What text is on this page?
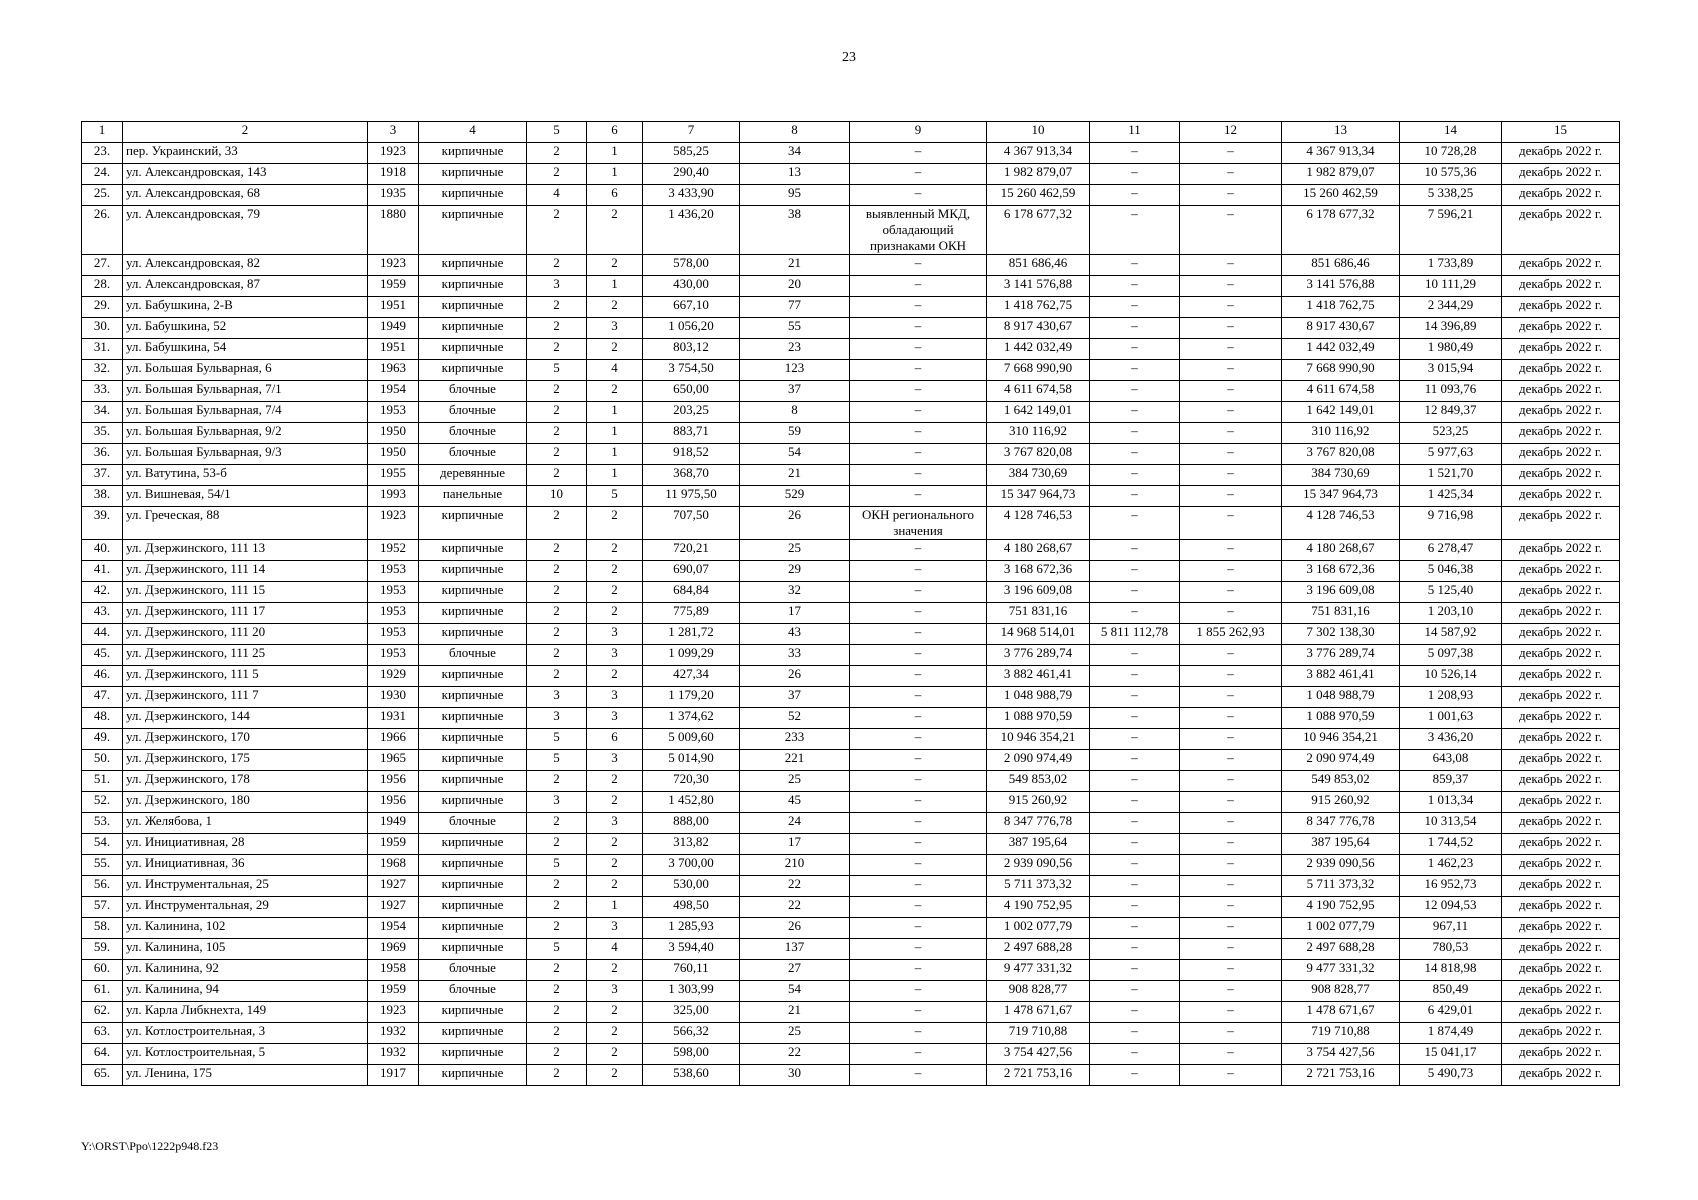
23
1	2	3	4	5	6	7	8	9	10	11	12	13	14	15
23.	пер. Украинский, 33	1923	кирпичные	2	1	585,25	34	–	4 367 913,34	–	–	4 367 913,34	10 728,28	декабрь 2022 г.
24.	ул. Александровская, 143	1918	кирпичные	2	1	290,40	13	–	1 982 879,07	–	–	1 982 879,07	10 575,36	декабрь 2022 г.
25.	ул. Александровская, 68	1935	кирпичные	4	6	3 433,90	95	–	15 260 462,59	–	–	15 260 462,59	5 338,25	декабрь 2022 г.
26.	ул. Александровская, 79	1880	кирпичные	2	2	1 436,20	38	выявленный МКД, обладающий признаками ОКН	6 178 677,32	–	–	6 178 677,32	7 596,21	декабрь 2022 г.
27.	ул. Александровская, 82	1923	кирпичные	2	2	578,00	21	–	851 686,46	–	–	851 686,46	1 733,89	декабрь 2022 г.
28.	ул. Александровская, 87	1959	кирпичные	3	1	430,00	20	–	3 141 576,88	–	–	3 141 576,88	10 111,29	декабрь 2022 г.
29.	ул. Бабушкина, 2-В	1951	кирпичные	2	2	667,10	77	–	1 418 762,75	–	–	1 418 762,75	2 344,29	декабрь 2022 г.
30.	ул. Бабушкина, 52	1949	кирпичные	2	3	1 056,20	55	–	8 917 430,67	–	–	8 917 430,67	14 396,89	декабрь 2022 г.
31.	ул. Бабушкина, 54	1951	кирпичные	2	2	803,12	23	–	1 442 032,49	–	–	1 442 032,49	1 980,49	декабрь 2022 г.
32.	ул. Большая Бульварная, 6	1963	кирпичные	5	4	3 754,50	123	–	7 668 990,90	–	–	7 668 990,90	3 015,94	декабрь 2022 г.
33.	ул. Большая Бульварная, 7/1	1954	блочные	2	2	650,00	37	–	4 611 674,58	–	–	4 611 674,58	11 093,76	декабрь 2022 г.
34.	ул. Большая Бульварная, 7/4	1953	блочные	2	1	203,25	8	–	1 642 149,01	–	–	1 642 149,01	12 849,37	декабрь 2022 г.
35.	ул. Большая Бульварная, 9/2	1950	блочные	2	1	883,71	59	–	310 116,92	–	–	310 116,92	523,25	декабрь 2022 г.
36.	ул. Большая Бульварная, 9/3	1950	блочные	2	1	918,52	54	–	3 767 820,08	–	–	3 767 820,08	5 977,63	декабрь 2022 г.
37.	ул. Ватутина, 53-б	1955	деревянные	2	1	368,70	21	–	384 730,69	–	–	384 730,69	1 521,70	декабрь 2022 г.
38.	ул. Вишневая, 54/1	1993	панельные	10	5	11 975,50	529	–	15 347 964,73	–	–	15 347 964,73	1 425,34	декабрь 2022 г.
39.	ул. Греческая, 88	1923	кирпичные	2	2	707,50	26	ОКН регионального значения	4 128 746,53	–	–	4 128 746,53	9 716,98	декабрь 2022 г.
40.	ул. Дзержинского, 111 13	1952	кирпичные	2	2	720,21	25	–	4 180 268,67	–	–	4 180 268,67	6 278,47	декабрь 2022 г.
41.	ул. Дзержинского, 111 14	1953	кирпичные	2	2	690,07	29	–	3 168 672,36	–	–	3 168 672,36	5 046,38	декабрь 2022 г.
42.	ул. Дзержинского, 111 15	1953	кирпичные	2	2	684,84	32	–	3 196 609,08	–	–	3 196 609,08	5 125,40	декабрь 2022 г.
43.	ул. Дзержинского, 111 17	1953	кирпичные	2	2	775,89	17	–	751 831,16	–	–	751 831,16	1 203,10	декабрь 2022 г.
44.	ул. Дзержинского, 111 20	1953	кирпичные	2	3	1 281,72	43	–	14 968 514,01	5 811 112,78	1 855 262,93	7 302 138,30	14 587,92	декабрь 2022 г.
45.	ул. Дзержинского, 111 25	1953	блочные	2	3	1 099,29	33	–	3 776 289,74	–	–	3 776 289,74	5 097,38	декабрь 2022 г.
46.	ул. Дзержинского, 111 5	1929	кирпичные	2	2	427,34	26	–	3 882 461,41	–	–	3 882 461,41	10 526,14	декабрь 2022 г.
47.	ул. Дзержинского, 111 7	1930	кирпичные	3	3	1 179,20	37	–	1 048 988,79	–	–	1 048 988,79	1 208,93	декабрь 2022 г.
48.	ул. Дзержинского, 144	1931	кирпичные	3	3	1 374,62	52	–	1 088 970,59	–	–	1 088 970,59	1 001,63	декабрь 2022 г.
49.	ул. Дзержинского, 170	1966	кирпичные	5	6	5 009,60	233	–	10 946 354,21	–	–	10 946 354,21	3 436,20	декабрь 2022 г.
50.	ул. Дзержинского, 175	1965	кирпичные	5	3	5 014,90	221	–	2 090 974,49	–	–	2 090 974,49	643,08	декабрь 2022 г.
51.	ул. Дзержинского, 178	1956	кирпичные	2	2	720,30	25	–	549 853,02	–	–	549 853,02	859,37	декабрь 2022 г.
52.	ул. Дзержинского, 180	1956	кирпичные	3	2	1 452,80	45	–	915 260,92	–	–	915 260,92	1 013,34	декабрь 2022 г.
53.	ул. Желябова, 1	1949	блочные	2	3	888,00	24	–	8 347 776,78	–	–	8 347 776,78	10 313,54	декабрь 2022 г.
54.	ул. Инициативная, 28	1959	кирпичные	2	2	313,82	17	–	387 195,64	–	–	387 195,64	1 744,52	декабрь 2022 г.
55.	ул. Инициативная, 36	1968	кирпичные	5	2	3 700,00	210	–	2 939 090,56	–	–	2 939 090,56	1 462,23	декабрь 2022 г.
56.	ул. Инструментальная, 25	1927	кирпичные	2	2	530,00	22	–	5 711 373,32	–	–	5 711 373,32	16 952,73	декабрь 2022 г.
57.	ул. Инструментальная, 29	1927	кирпичные	2	1	498,50	22	–	4 190 752,95	–	–	4 190 752,95	12 094,53	декабрь 2022 г.
58.	ул. Калинина, 102	1954	кирпичные	2	3	1 285,93	26	–	1 002 077,79	–	–	1 002 077,79	967,11	декабрь 2022 г.
59.	ул. Калинина, 105	1969	кирпичные	5	4	3 594,40	137	–	2 497 688,28	–	–	2 497 688,28	780,53	декабрь 2022 г.
60.	ул. Калинина, 92	1958	блочные	2	2	760,11	27	–	9 477 331,32	–	–	9 477 331,32	14 818,98	декабрь 2022 г.
61.	ул. Калинина, 94	1959	блочные	2	3	1 303,99	54	–	908 828,77	–	–	908 828,77	850,49	декабрь 2022 г.
62.	ул. Карла Либкнехта, 149	1923	кирпичные	2	2	325,00	21	–	1 478 671,67	–	–	1 478 671,67	6 429,01	декабрь 2022 г.
63.	ул. Котлостроительная, 3	1932	кирпичные	2	2	566,32	25	–	719 710,88	–	–	719 710,88	1 874,49	декабрь 2022 г.
64.	ул. Котлостроительная, 5	1932	кирпичные	2	2	598,00	22	–	3 754 427,56	–	–	3 754 427,56	15 041,17	декабрь 2022 г.
65.	ул. Ленина, 175	1917	кирпичные	2	2	538,60	30	–	2 721 753,16	–	–	2 721 753,16	5 490,73	декабрь 2022 г.
Y:\ORST\Ppo\1222p948.f23
